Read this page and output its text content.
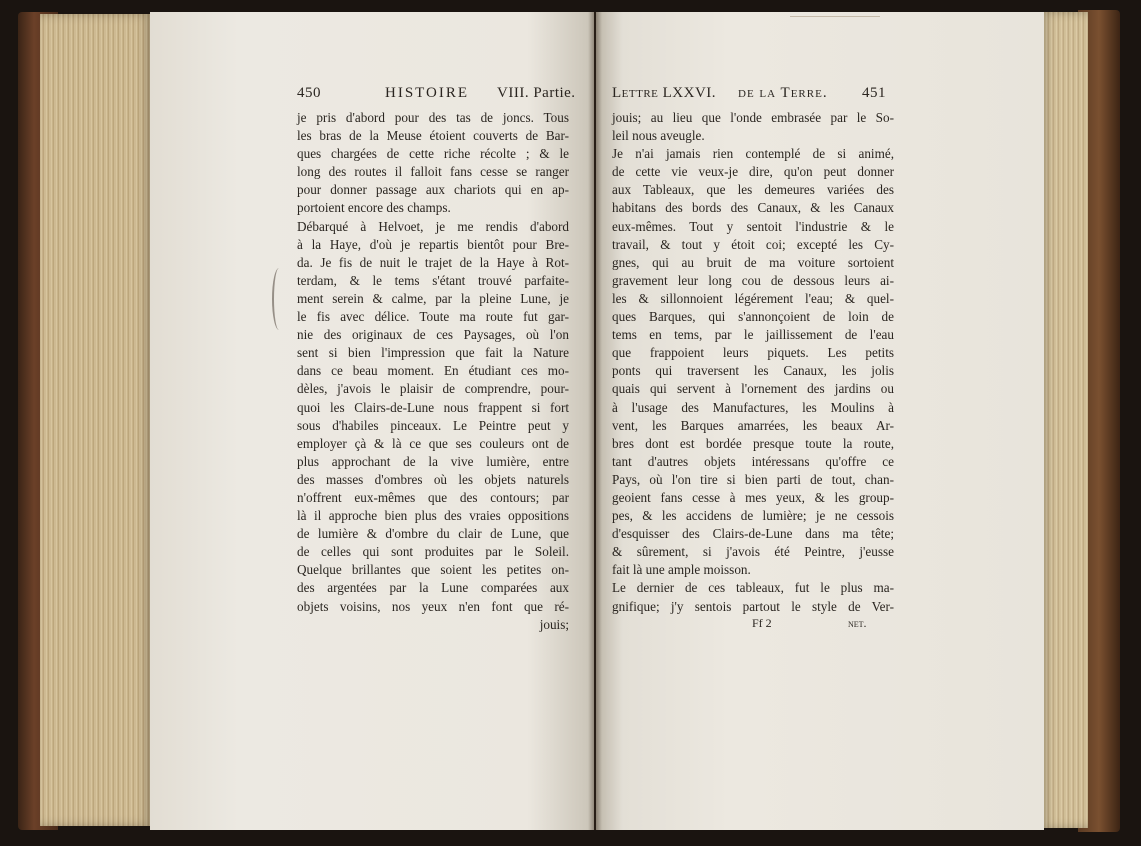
450	HISTOIRE VIII. Partie.
je pris d'abord pour des tas de joncs. Tous
les bras de la Meuse étoient couverts de Bar-
ques chargées de cette riche récolte ; & le
long des routes il falloit fans cesse se ranger
pour donner passage aux chariots qui en ap-
portoient encore des champs.
Débarqué à Helvoet, je me rendis d'abord
à la Haye, d'où je repartis bientôt pour Bre-
da. Je fis de nuit le trajet de la Haye à Rot-
terdam, & le tems s'étant trouvé parfaite-
ment serein & calme, par la pleine Lune, je
le fis avec délice. Toute ma route fut gar-
nie des originaux de ces Paysages, où l'on
sent si bien l'impression que fait la Nature
dans ce beau moment. En étudiant ces mo-
dèles, j'avois le plaisir de comprendre, pour-
quoi les Clairs-de-Lune nous frappent si fort
sous d'habiles pinceaux. Le Peintre peut y
employer çà & là ce que ses couleurs ont de
plus approchant de la vive lumière, entre
des masses d'ombres où les objets naturels
n'offrent eux-mêmes que des contours; par
là il approche bien plus des vraies oppositions
de lumière & d'ombre du clair de Lune, que
de celles qui sont produites par le Soleil.
Quelque brillantes que soient les petites on-
des argentées par la Lune comparées aux
objets voisins, nos yeux n'en font que ré-
jouis;
Lettre LXXVI. de la Terre. 451
jouis; au lieu que l'onde embrasée par le So-
leil nous aveugle.
Je n'ai jamais rien contemplé de si animé,
de cette vie veux-je dire, qu'on peut donner
aux Tableaux, que les demeures variées des
habitans des bords des Canaux, & les Canaux
eux-mêmes. Tout y sentoit l'industrie & le
travail, & tout y étoit coi; excepté les Cy-
gnes, qui au bruit de ma voiture sortoient
gravement leur long cou de dessous leurs ai-
les & sillonnoient légérement l'eau; & quel-
ques Barques, qui s'annonçoient de loin de
tems en tems, par le jaillissement de l'eau
que frappoient leurs piquets. Les petits
ponts qui traversent les Canaux, les jolis
quais qui servent à l'ornement des jardins ou
à l'usage des Manufactures, les Moulins à
vent, les Barques amarrées, les beaux Ar-
bres dont est bordée presque toute la route,
tant d'autres objets intéressans qu'offre ce
Pays, où l'on tire si bien parti de tout, chan-
geoient fans cesse à mes yeux, & les group-
pes, & les accidens de lumière; je ne cessois
d'esquisser des Clairs-de-Lune dans ma tête;
& sûrement, si j'avois été Peintre, j'eusse
fait là une ample moisson.
Le dernier de ces tableaux, fut le plus ma-
gnifique; j'y sentois partout le style de Ver-
Ff 2	net.
